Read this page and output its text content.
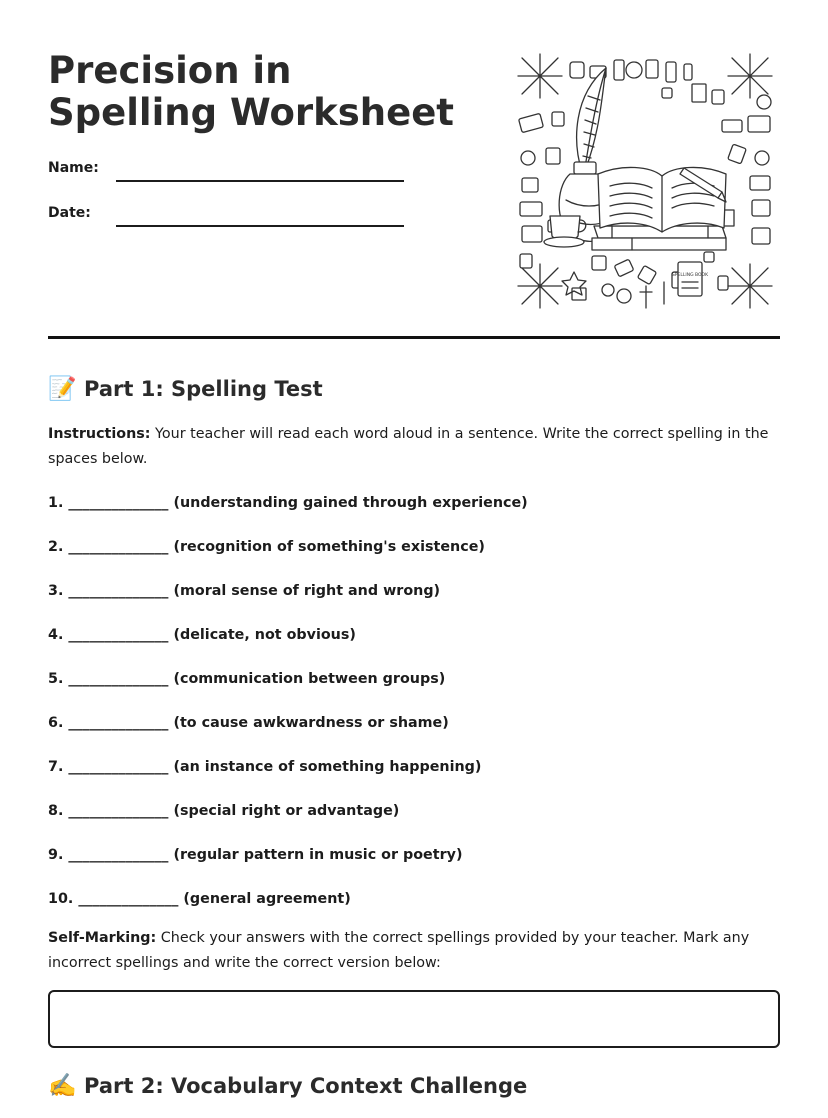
Precision in Spelling Worksheet
Name:
Date:
SPELLING BOOK
📝 Part 1: Spelling Test

Instructions: Your teacher will read each word aloud in a sentence. Write the correct spelling in the spaces below.

1. ______________ (understanding gained through experience)
2. ______________ (recognition of something's existence)
3. ______________ (moral sense of right and wrong)
4. ______________ (delicate, not obvious)
5. ______________ (communication between groups)
6. ______________ (to cause awkwardness or shame)
7. ______________ (an instance of something happening)
8. ______________ (special right or advantage)
9. ______________ (regular pattern in music or poetry)
10. ______________ (general agreement)

Self-Marking: Check your answers with the correct spellings provided by your teacher. Mark any incorrect spellings and write the correct version below:

✍️ Part 2: Vocabulary Context Challenge
